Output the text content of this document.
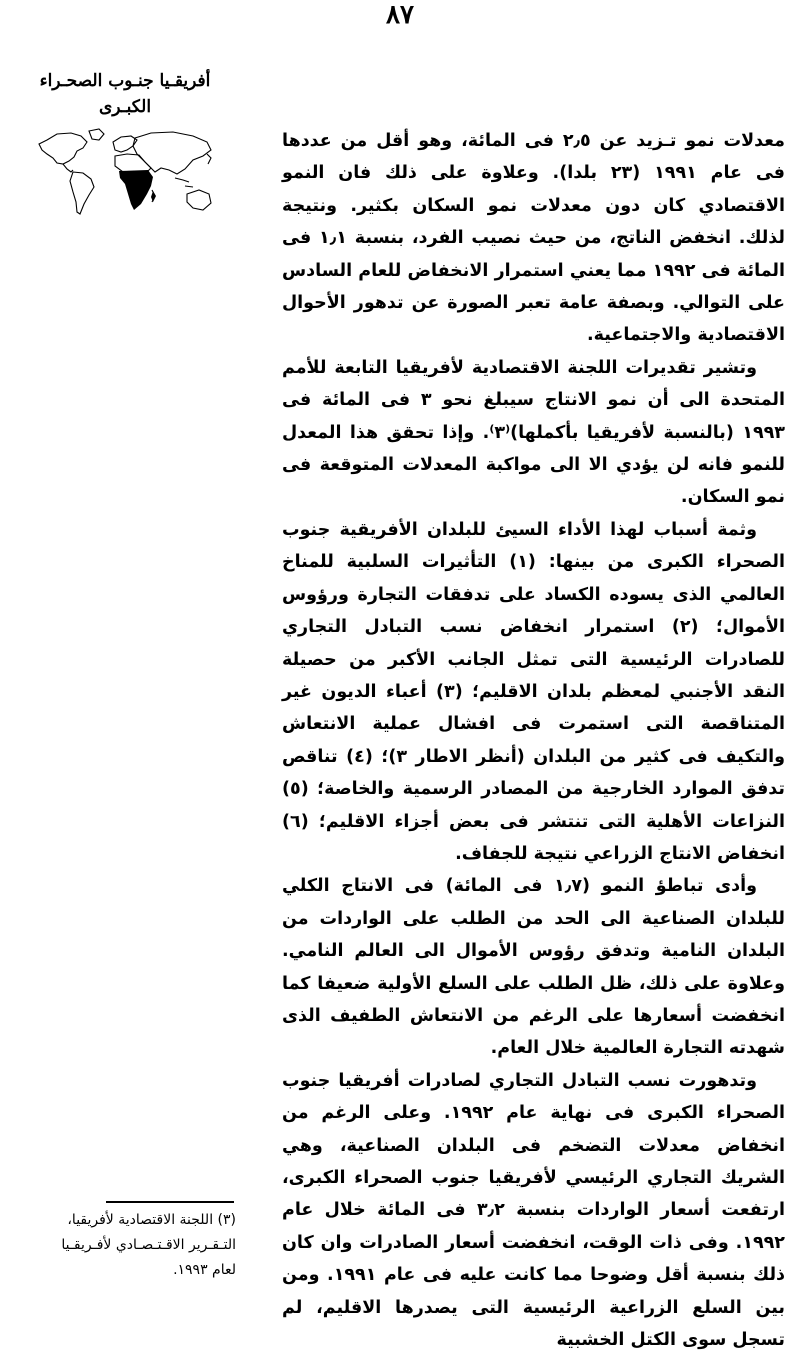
٨٧
أفريقـيا جنـوب الصحـراء
الكبـرى

معدلات نمو تـزيد عن ٢٫٥ فى المائة، وهو أقل من عددها فى عام ١٩٩١ (٢٣ بلدا). وعلاوة على ذلك فان النمو الاقتصادي كان دون معدلات نمو السكان بكثير. ونتيجة لذلك. انخفض الناتج، من حيث نصيب الفرد، بنسبة ١٫١ فى المائة فى ١٩٩٢ مما يعني استمرار الانخفاض للعام السادس على التوالي. وبصفة عامة تعبر الصورة عن تدهور الأحوال الاقتصادية والاجتماعية.

وتشير تقديرات اللجنة الاقتصادية لأفريقيا التابعة للأمم المتحدة الى أن نمو الانتاج سيبلغ نحو ٣ فى المائة فى ١٩٩٣ (بالنسبة لأفريقيا بأكملها)⁽٣⁾. وإذا تحقق هذا المعدل للنمو فانه لن يؤدي الا الى مواكبة المعدلات المتوقعة فى نمو السكان.

وثمة أسباب لهذا الأداء السيئ للبلدان الأفريقية جنوب الصحراء الكبرى من بينها: (١) التأثيرات السلبية للمناخ العالمي الذى يسوده الكساد على تدفقات التجارة ورؤوس الأموال؛ (٢) استمرار انخفاض نسب التبادل التجاري للصادرات الرئيسية التى تمثل الجانب الأكبر من حصيلة النقد الأجنبي لمعظم بلدان الاقليم؛ (٣) أعباء الديون غير المتناقصة التى استمرت فى افشال عملية الانتعاش والتكيف فى كثير من البلدان (أنظر الاطار ٣)؛ (٤) تناقص تدفق الموارد الخارجية من المصادر الرسمية والخاصة؛ (٥) النزاعات الأهلية التى تنتشر فى بعض أجزاء الاقليم؛ (٦) انخفاض الانتاج الزراعي نتيجة للجفاف.

وأدى تباطؤ النمو (١٫٧ فى المائة) فى الانتاج الكلي للبلدان الصناعية الى الحد من الطلب على الواردات من البلدان النامية وتدفق رؤوس الأموال الى العالم النامي. وعلاوة على ذلك، ظل الطلب على السلع الأولية ضعيفا كما انخفضت أسعارها على الرغم من الانتعاش الطفيف الذى شهدته التجارة العالمية خلال العام.

وتدهورت نسب التبادل التجاري لصادرات أفريقيا جنوب الصحراء الكبرى فى نهاية عام ١٩٩٢. وعلى الرغم من انخفاض معدلات التضخم فى البلدان الصناعية، وهي الشريك التجاري الرئيسي لأفريقيا جنوب الصحراء الكبرى، ارتفعت أسعار الواردات بنسبة ٣٫٢ فى المائة خلال عام ١٩٩٢. وفى ذات الوقت، انخفضت أسعار الصادرات وان كان ذلك بنسبة أقل وضوحا مما كانت عليه فى عام ١٩٩١. ومن بين السلع الزراعية الرئيسية التى يصدرها الاقليم، لم تسجل سوى الكتل الخشبية

(٣) اللجنة الاقتصادية لأفريقيا،
التـقـرير الاقـتـصـادي لأفـريقـيا
لعام ١٩٩٣.
